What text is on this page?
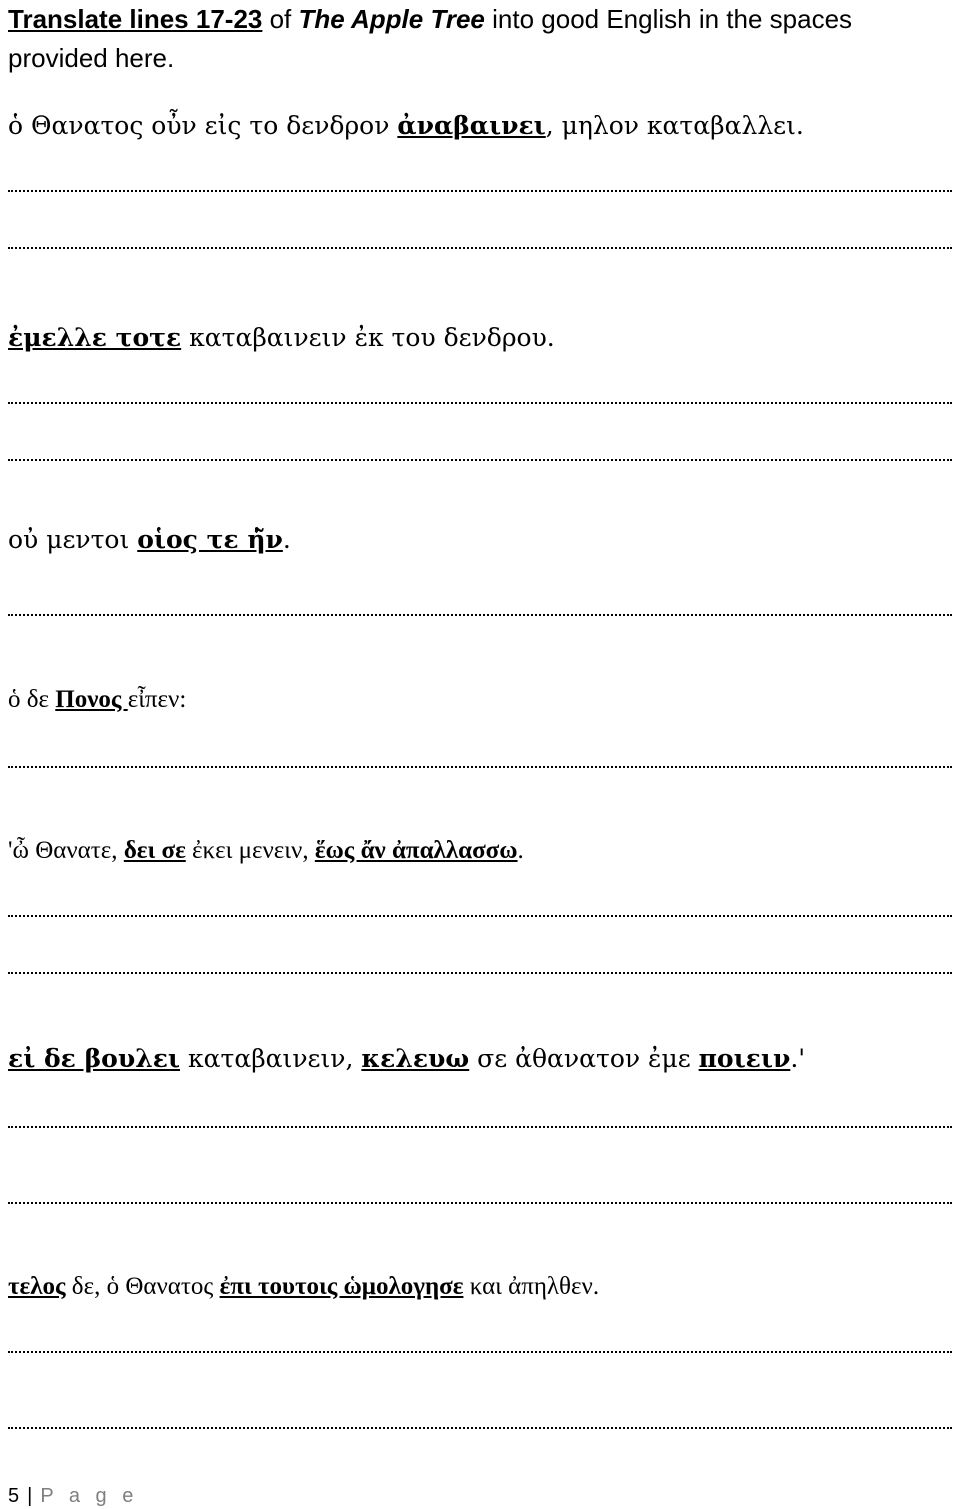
Translate lines 17-23 of The Apple Tree into good English in the spaces provided here.
ὁ Θανατος οὖν εἰς το δενδρον ἀναβαινει, μηλον καταβαλλει.
ἐμελλε τοτε καταβαινειν ἐκ του δενδρου.
οὐ μεντοι οἱος τε ἠ̃ν.
ὁ δε Πονος εἶπεν:
'ὦ Θανατε, δει σε ἐκει μενειν, ἕως ἄν ἀπαλλασσω.
εἰ δε βουλει καταβαινειν, κελευω σε ἀθανατον ἐμε ποιειν.'
τελος δε, ὁ Θανατος ἐπι τουτοις ὡμολογησε και ἀπηλθεν.
5 | P a g e
